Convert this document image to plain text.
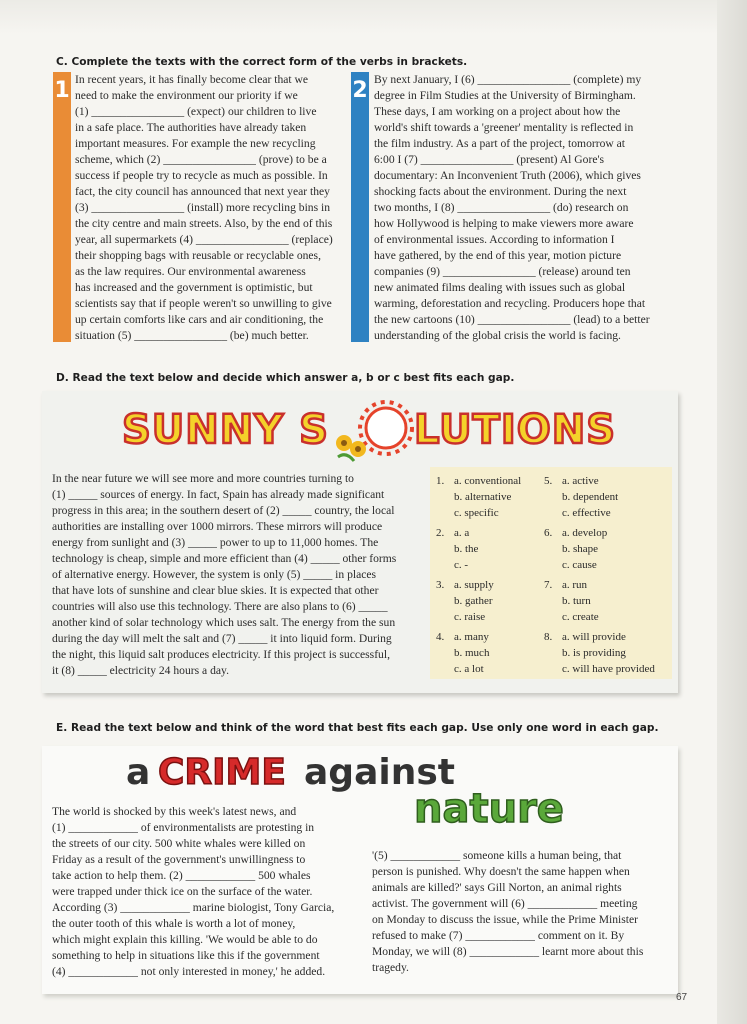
C. Complete the texts with the correct form of the verbs in brackets.
1 In recent years, it has finally become clear that we
need to make the environment our priority if we
(1) ________________ (expect) our children to live
in a safe place. The authorities have already taken
important measures. For example the new recycling
scheme, which (2) ________________ (prove) to be a
success if people try to recycle as much as possible. In
fact, the city council has announced that next year they
(3) ________________ (install) more recycling bins in
the city centre and main streets. Also, by the end of this
year, all supermarkets (4) ________________ (replace)
their shopping bags with reusable or recyclable ones,
as the law requires. Our environmental awareness
has increased and the government is optimistic, but
scientists say that if people weren't so unwilling to give
up certain comforts like cars and air conditioning, the
situation (5) ________________ (be) much better.
2 By next January, I (6) ________________ (complete) my
degree in Film Studies at the University of Birmingham.
These days, I am working on a project about how the
world's shift towards a 'greener' mentality is reflected in
the film industry. As a part of the project, tomorrow at
6:00 I (7) ________________ (present) Al Gore's
documentary: An Inconvenient Truth (2006), which gives
shocking facts about the environment. During the next
two months, I (8) ________________ (do) research on
how Hollywood is helping to make viewers more aware
of environmental issues. According to information I
have gathered, by the end of this year, motion picture
companies (9) ________________ (release) around ten
new animated films dealing with issues such as global
warming, deforestation and recycling. Producers hope that
the new cartoons (10) ________________ (lead) to a better
understanding of the global crisis the world is facing.
D. Read the text below and decide which answer a, b or c best fits each gap.
SUNNY S LUTIONS
In the near future we will see more and more countries turning to
(1) _____ sources of energy. In fact, Spain has already made significant
progress in this area; in the southern desert of (2) _____ country, the local
authorities are installing over 1000 mirrors. These mirrors will produce
energy from sunlight and (3) _____ power to up to 11,000 homes. The
technology is cheap, simple and more efficient than (4) _____ other forms
of alternative energy. However, the system is only (5) _____ in places
that have lots of sunshine and clear blue skies. It is expected that other
countries will also use this technology. There are also plans to (6) _____
another kind of solar technology which uses salt. The energy from the sun
during the day will melt the salt and (7) _____ it into liquid form. During
the night, this liquid salt produces electricity. If this project is successful,
it (8) _____ electricity 24 hours a day.
1. a. conventional
b. alternative
c. specific
2. a. a
b. the
c. -
3. a. supply
b. gather
c. raise
4. a. many
b. much
c. a lot
5. a. active
b. dependent
c. effective
6. a. develop
b. shape
c. cause
7. a. run
b. turn
c. create
8. a. will provide
b. is providing
c. will have provided
E. Read the text below and think of the word that best fits each gap. Use only one word in each gap.
a CRIME against
nature
The world is shocked by this week's latest news, and
(1) ____________ of environmentalists are protesting in
the streets of our city. 500 white whales were killed on
Friday as a result of the government's unwillingness to
take action to help them. (2) ____________ 500 whales
were trapped under thick ice on the surface of the water.
According (3) ____________ marine biologist, Tony Garcia,
the outer tooth of this whale is worth a lot of money,
which might explain this killing. 'We would be able to do
something to help in situations like this if the government
(4) ____________ not only interested in money,' he added.
'(5) ____________ someone kills a human being, that
person is punished. Why doesn't the same happen when
animals are killed?' says Gill Norton, an animal rights
activist. The government will (6) ____________ meeting
on Monday to discuss the issue, while the Prime Minister
refused to make (7) ____________ comment on it. By
Monday, we will (8) ____________ learnt more about this
tragedy.
67
